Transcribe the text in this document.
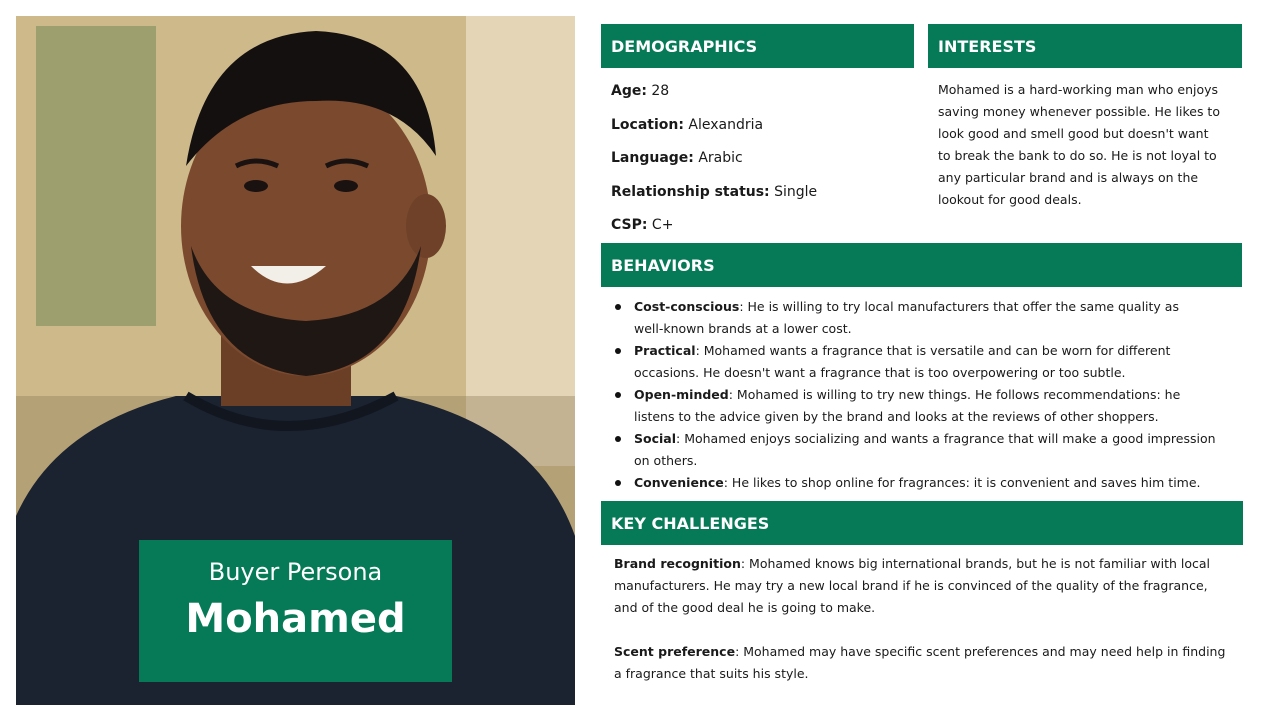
Buyer Persona
Mohamed
DEMOGRAPHICS
Age: 28
Location: Alexandria
Language: Arabic
Relationship status: Single
CSP: C+
INTERESTS
Mohamed is a hard-working man who enjoys
saving money whenever possible. He likes to
look good and smell good but doesn't want
to break the bank to do so. He is not loyal to
any particular brand and is always on the
lookout for good deals.
BEHAVIORS
Cost-conscious: He is willing to try local manufacturers that offer the same quality as
well-known brands at a lower cost.
Practical: Mohamed wants a fragrance that is versatile and can be worn for different
occasions. He doesn't want a fragrance that is too overpowering or too subtle.
Open-minded: Mohamed is willing to try new things. He follows recommendations: he
listens to the advice given by the brand and looks at the reviews of other shoppers.
Social: Mohamed enjoys socializing and wants a fragrance that will make a good impression
on others.
Convenience: He likes to shop online for fragrances: it is convenient and saves him time.
KEY CHALLENGES

Brand recognition: Mohamed knows big international brands, but he is not familiar with local
manufacturers. He may try a new local brand if he is convinced of the quality of the fragrance,
and of the good deal he is going to make.

Scent preference: Mohamed may have specific scent preferences and may need help in finding
a fragrance that suits his style.
